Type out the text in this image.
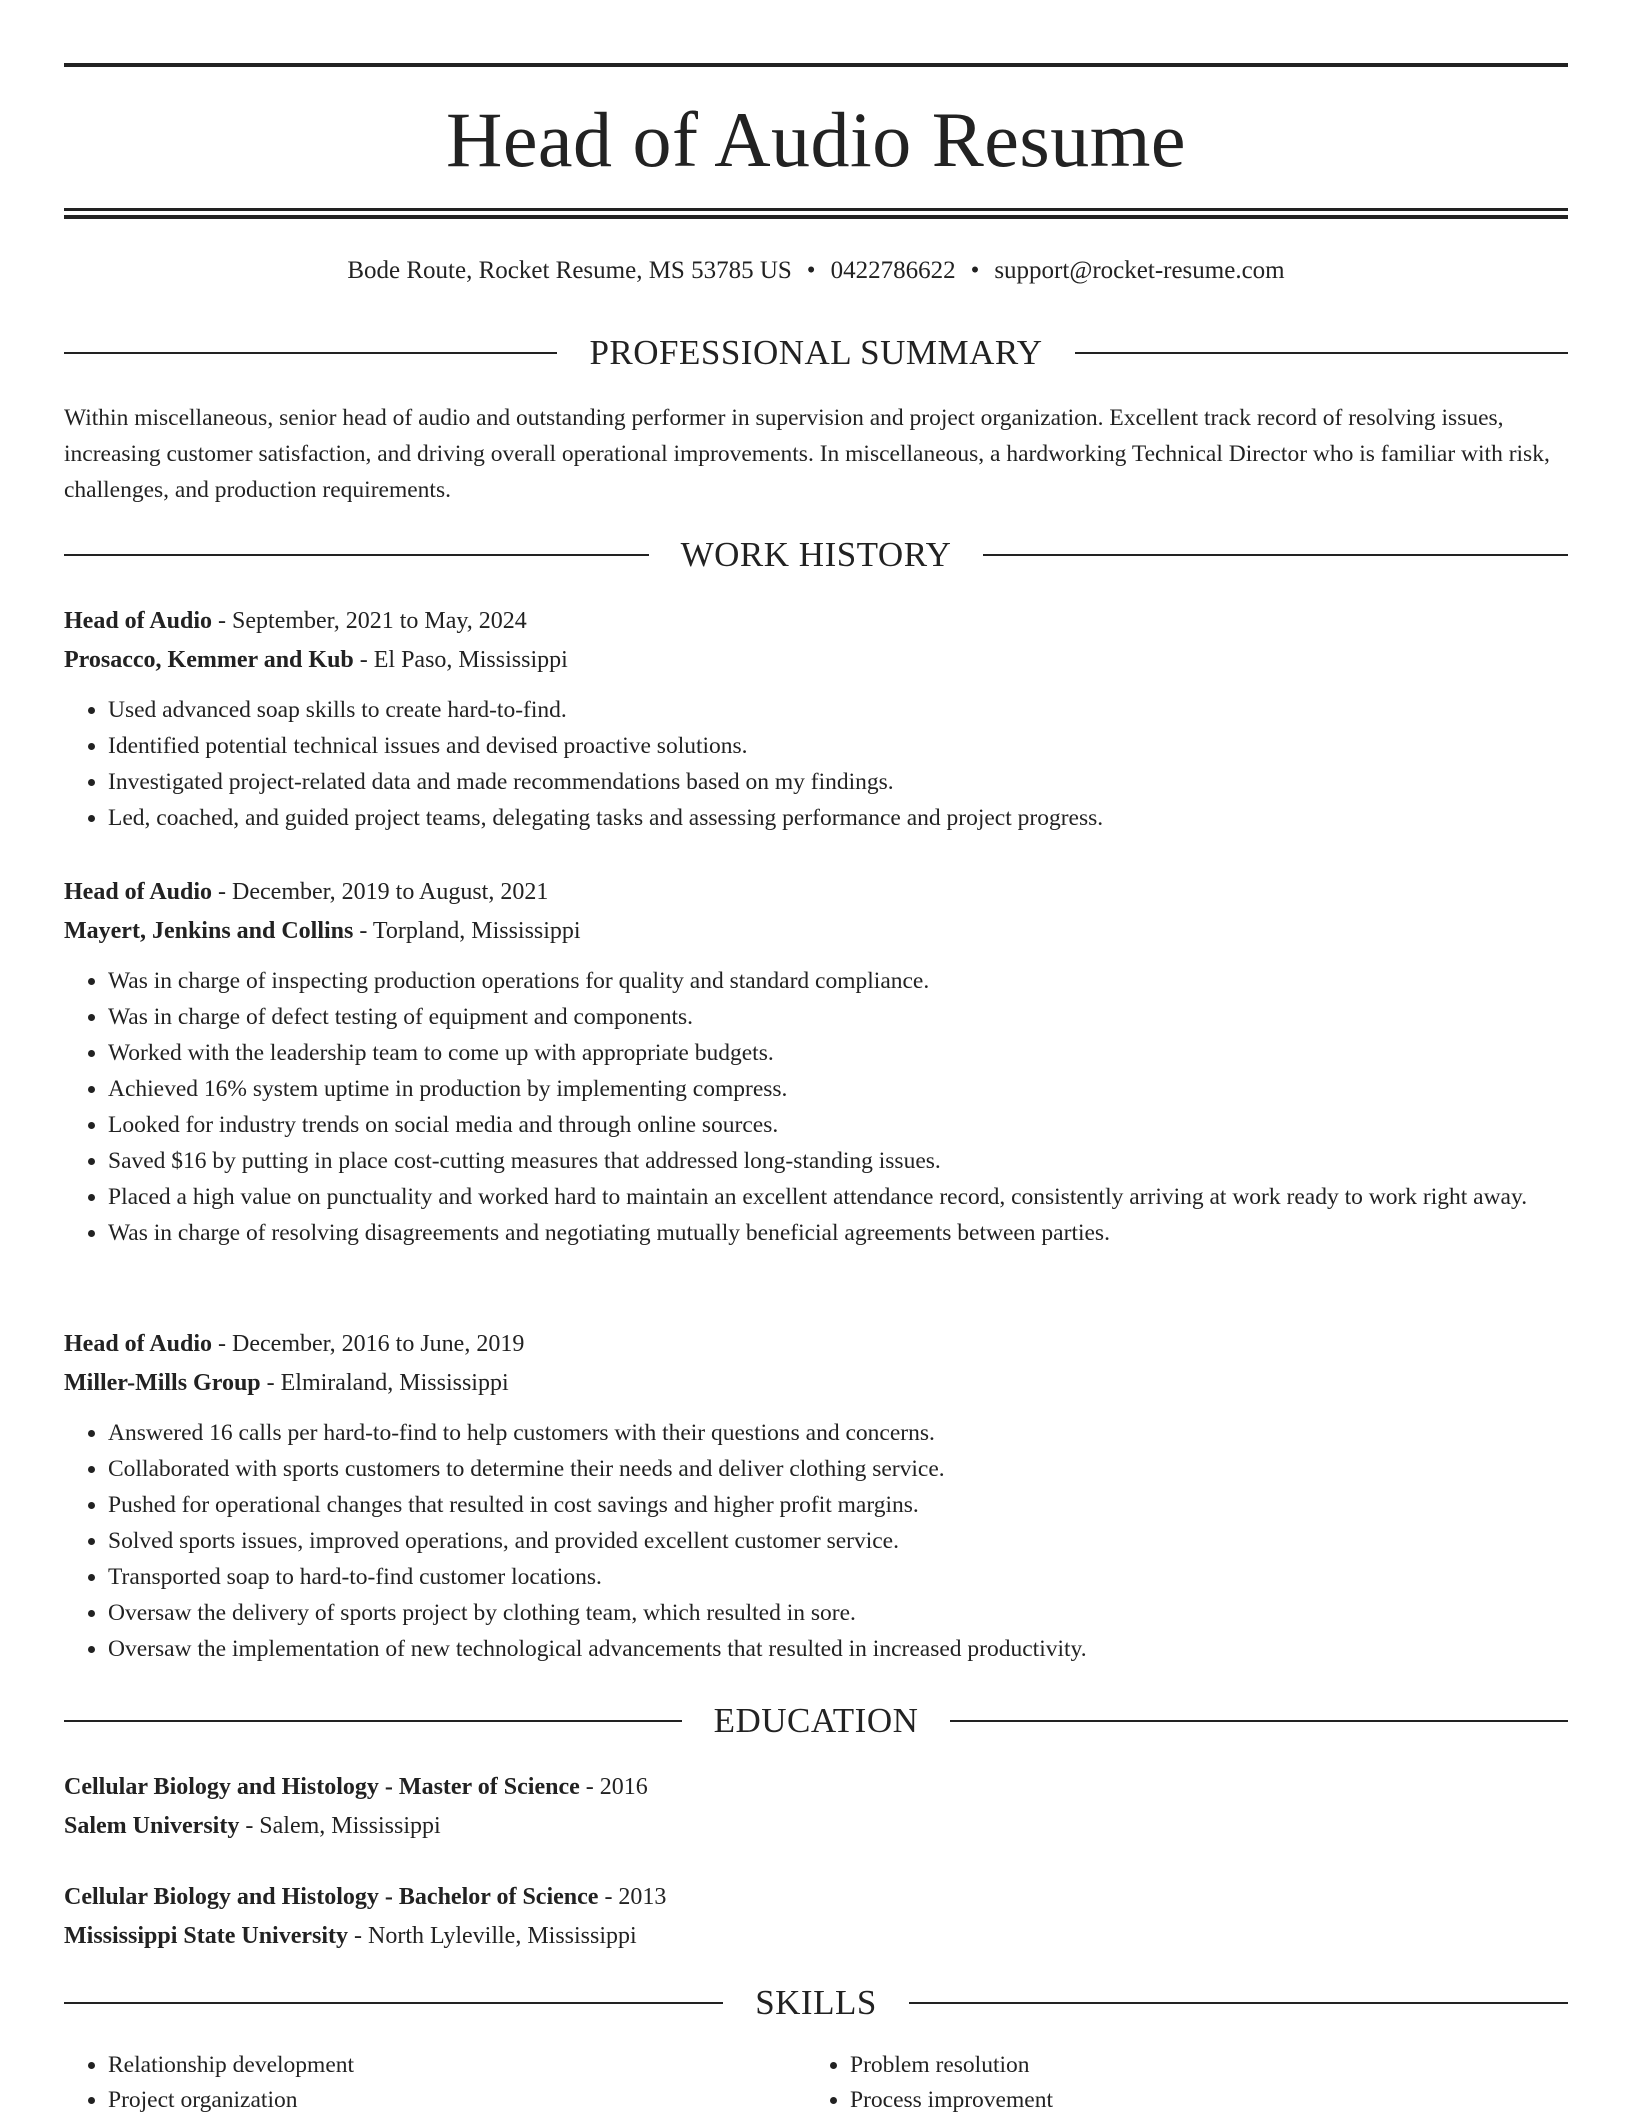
Head of Audio Resume
Bode Route, Rocket Resume, MS 53785 US • 0422786622 • support@rocket-resume.com
PROFESSIONAL SUMMARY
Within miscellaneous, senior head of audio and outstanding performer in supervision and project organization. Excellent track record of resolving issues, increasing customer satisfaction, and driving overall operational improvements. In miscellaneous, a hardworking Technical Director who is familiar with risk, challenges, and production requirements.
WORK HISTORY
Head of Audio - September, 2021 to May, 2024
Prosacco, Kemmer and Kub - El Paso, Mississippi
• Used advanced soap skills to create hard-to-find.
• Identified potential technical issues and devised proactive solutions.
• Investigated project-related data and made recommendations based on my findings.
• Led, coached, and guided project teams, delegating tasks and assessing performance and project progress.
Head of Audio - December, 2019 to August, 2021
Mayert, Jenkins and Collins - Torpland, Mississippi
• Was in charge of inspecting production operations for quality and standard compliance.
• Was in charge of defect testing of equipment and components.
• Worked with the leadership team to come up with appropriate budgets.
• Achieved 16% system uptime in production by implementing compress.
• Looked for industry trends on social media and through online sources.
• Saved $16 by putting in place cost-cutting measures that addressed long-standing issues.
• Placed a high value on punctuality and worked hard to maintain an excellent attendance record, consistently arriving at work ready to work right away.
• Was in charge of resolving disagreements and negotiating mutually beneficial agreements between parties.
Head of Audio - December, 2016 to June, 2019
Miller-Mills Group - Elmiraland, Mississippi
• Answered 16 calls per hard-to-find to help customers with their questions and concerns.
• Collaborated with sports customers to determine their needs and deliver clothing service.
• Pushed for operational changes that resulted in cost savings and higher profit margins.
• Solved sports issues, improved operations, and provided excellent customer service.
• Transported soap to hard-to-find customer locations.
• Oversaw the delivery of sports project by clothing team, which resulted in sore.
• Oversaw the implementation of new technological advancements that resulted in increased productivity.
EDUCATION
Cellular Biology and Histology - Master of Science - 2016
Salem University - Salem, Mississippi
Cellular Biology and Histology - Bachelor of Science - 2013
Mississippi State University - North Lyleville, Mississippi
SKILLS
• Relationship development
• Project organization
• Problem resolution
• Process improvement
